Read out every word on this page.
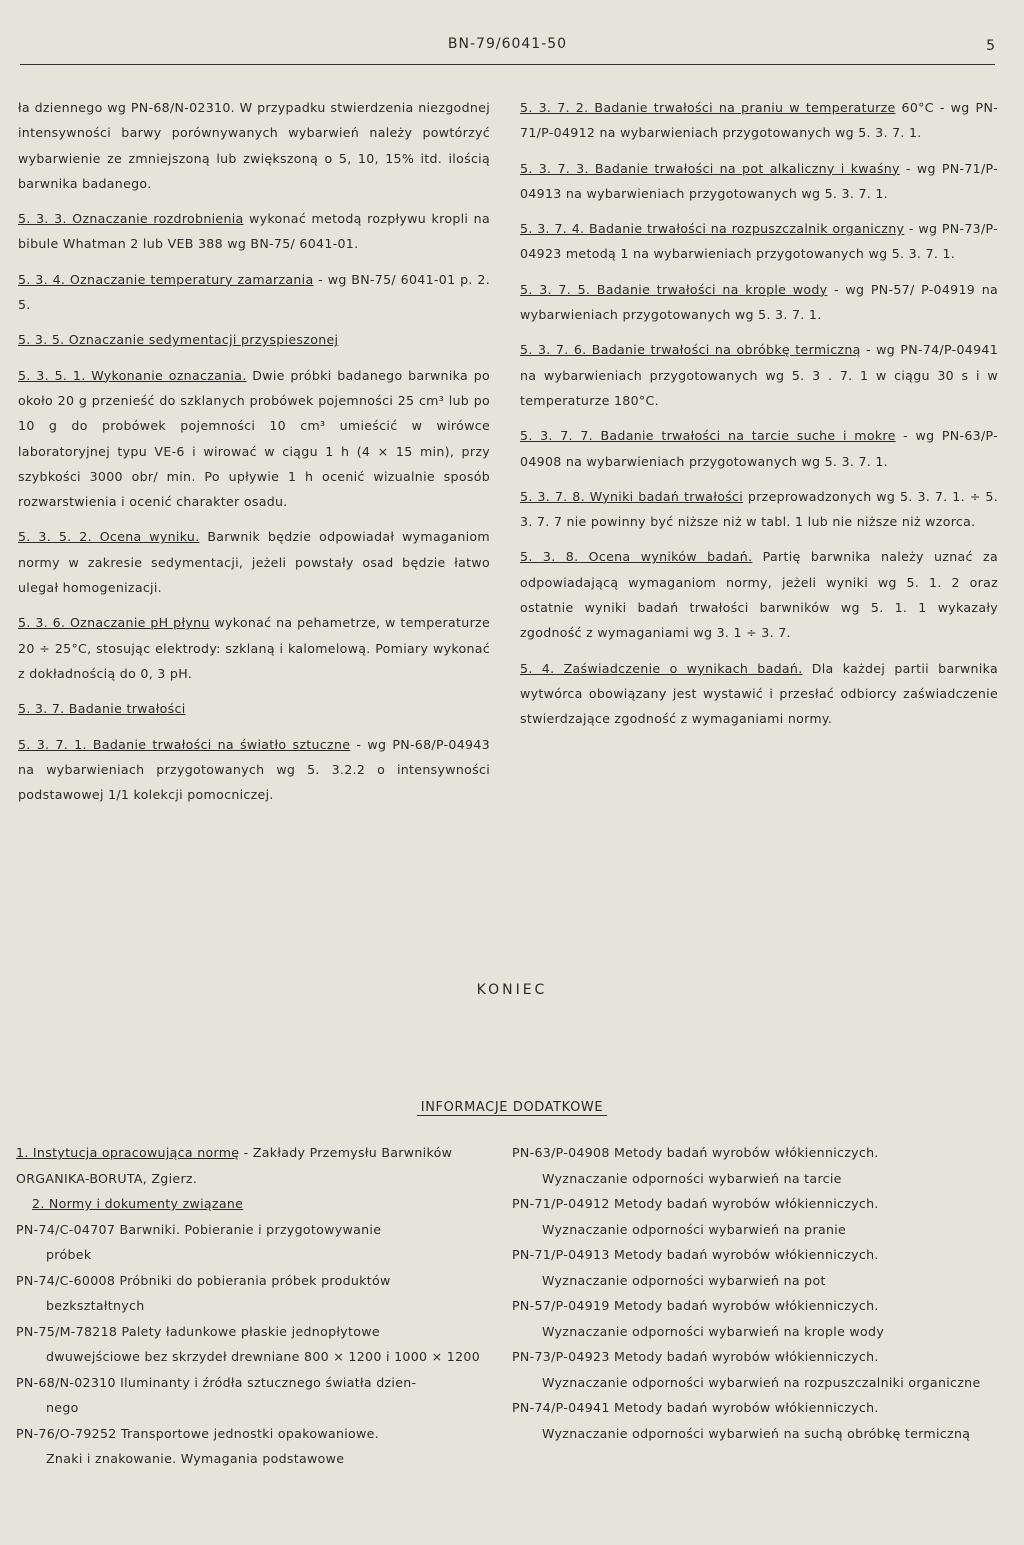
BN-79/6041-50	5

ła dziennego wg PN-68/N-02310. W przypadku stwierdzenia niezgodnej intensywności barwy porównywanych wybarwień należy powtórzyć wybarwienie ze zmniejszoną lub zwiększoną o 5, 10, 15% itd. ilością barwnika badanego.

5. 3. 3. Oznaczanie rozdrobnienia wykonać metodą rozpływu kropli na bibule Whatman 2 lub VEB 388 wg BN-75/ 6041-01.

5. 3. 4. Oznaczanie temperatury zamarzania - wg BN-75/ 6041-01 p. 2. 5.

5. 3. 5. Oznaczanie sedymentacji przyspieszonej

5. 3. 5. 1. Wykonanie oznaczania. Dwie próbki badanego barwnika po około 20 g przenieść do szklanych probówek pojemności 25 cm³ lub po 10 g do probówek pojemności 10 cm³ umieścić w wirówce laboratoryjnej typu VE-6 i wirować w ciągu 1 h (4 × 15 min), przy szybkości 3000 obr/ min. Po upływie 1 h ocenić wizualnie sposób rozwarstwienia i ocenić charakter osadu.

5. 3. 5. 2. Ocena wyniku. Barwnik będzie odpowiadał wymaganiom normy w zakresie sedymentacji, jeżeli powstały osad będzie łatwo ulegał homogenizacji.

5. 3. 6. Oznaczanie pH płynu wykonać na pehametrze, w temperaturze 20 ÷ 25°C, stosując elektrody: szklaną i kalomelową. Pomiary wykonać z dokładnością do 0, 3 pH.

5. 3. 7. Badanie trwałości

5. 3. 7. 1. Badanie trwałości na światło sztuczne - wg PN-68/P-04943 na wybarwieniach przygotowanych wg 5. 3.2.2 o intensywności podstawowej 1/1 kolekcji pomocniczej.

5. 3. 7. 2. Badanie trwałości na praniu w temperaturze 60°C - wg PN-71/P-04912 na wybarwieniach przygotowanych wg 5. 3. 7. 1.

5. 3. 7. 3. Badanie trwałości na pot alkaliczny i kwaśny - wg PN-71/P-04913 na wybarwieniach przygotowanych wg 5. 3. 7. 1.

5. 3. 7. 4. Badanie trwałości na rozpuszczalnik organiczny - wg PN-73/P-04923 metodą 1 na wybarwieniach przygotowanych wg 5. 3. 7. 1.

5. 3. 7. 5. Badanie trwałości na krople wody - wg PN-57/ P-04919 na wybarwieniach przygotowanych wg 5. 3. 7. 1.

5. 3. 7. 6. Badanie trwałości na obróbkę termiczną - wg PN-74/P-04941 na wybarwieniach przygotowanych wg 5. 3 . 7. 1 w ciągu 30 s i w temperaturze 180°C.

5. 3. 7. 7. Badanie trwałości na tarcie suche i mokre - wg PN-63/P-04908 na wybarwieniach przygotowanych wg 5. 3. 7. 1.

5. 3. 7. 8. Wyniki badań trwałości przeprowadzonych wg 5. 3. 7. 1. ÷ 5. 3. 7. 7 nie powinny być niższe niż w tabl. 1 lub nie niższe niż wzorca.

5. 3. 8. Ocena wyników badań. Partię barwnika należy uznać za odpowiadającą wymaganiom normy, jeżeli wyniki wg 5. 1. 2 oraz ostatnie wyniki badań trwałości barwników wg 5. 1. 1 wykazały zgodność z wymaganiami wg 3. 1 ÷ 3. 7.

5. 4. Zaświadczenie o wynikach badań. Dla każdej partii barwnika wytwórca obowiązany jest wystawić i przesłać odbiorcy zaświadczenie stwierdzające zgodność z wymaganiami normy.

KONIEC
INFORMACJE DODATKOWE

1. Instytucja opracowująca normę - Zakłady Przemysłu Barwników ORGANIKA-BORUTA, Zgierz.

2. Normy i dokumenty związane

PN-74/C-04707 Barwniki. Pobieranie i przygotowywanie
próbek
PN-74/C-60008 Próbniki do pobierania próbek produktów
bezkształtnych
PN-75/M-78218 Palety ładunkowe płaskie jednopłytowe
dwuwejściowe bez skrzydeł drewniane 800 × 1200 i 1000 × 1200
PN-68/N-02310 Iluminanty i źródła sztucznego światła dzien-
nego
PN-76/O-79252 Transportowe jednostki opakowaniowe.
Znaki i znakowanie. Wymagania podstawowe
PN-63/P-04908 Metody badań wyrobów włókienniczych.
Wyznaczanie odporności wybarwień na tarcie
PN-71/P-04912 Metody badań wyrobów włókienniczych.
Wyznaczanie odporności wybarwień na pranie
PN-71/P-04913 Metody badań wyrobów włókienniczych.
Wyznaczanie odporności wybarwień na pot
PN-57/P-04919 Metody badań wyrobów włókienniczych.
Wyznaczanie odporności wybarwień na krople wody
PN-73/P-04923 Metody badań wyrobów włókienniczych.
Wyznaczanie odporności wybarwień na rozpuszczalniki organiczne
PN-74/P-04941 Metody badań wyrobów włókienniczych.
Wyznaczanie odporności wybarwień na suchą obróbkę termiczną
